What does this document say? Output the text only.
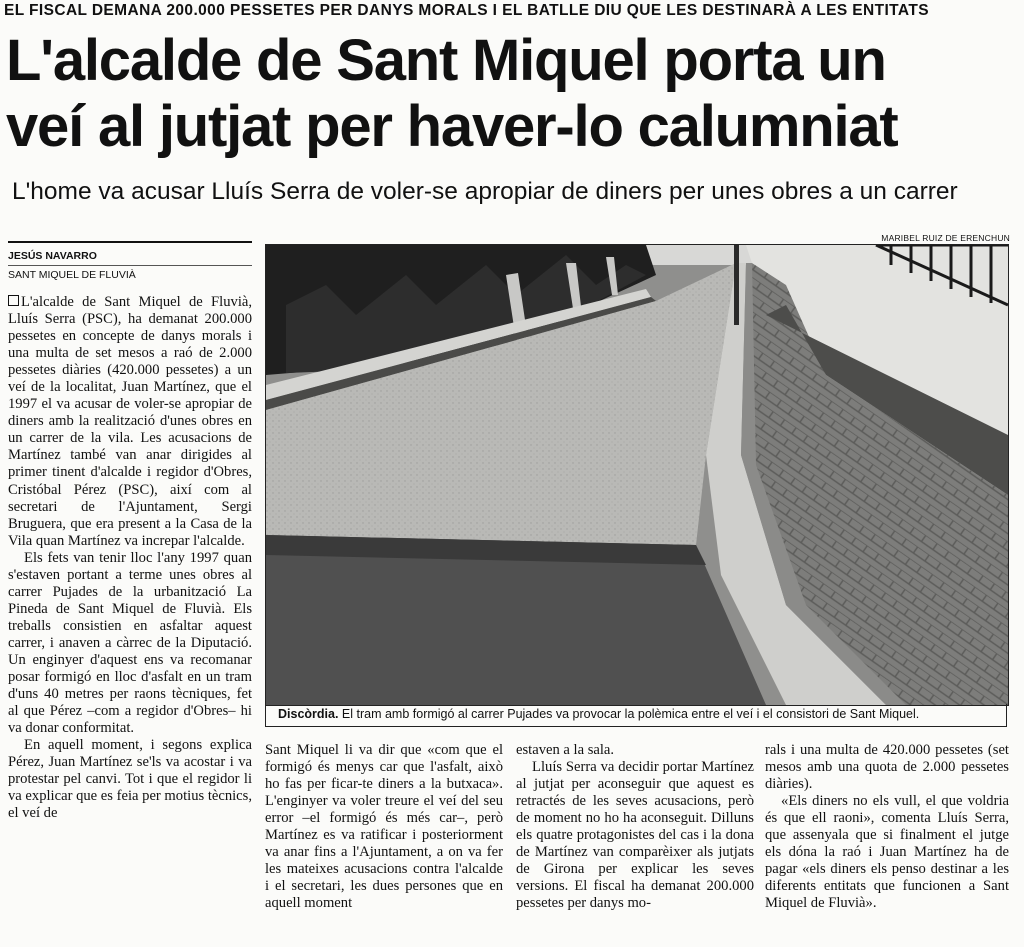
EL FISCAL DEMANA 200.000 PESSETES PER DANYS MORALS I EL BATLLE DIU QUE LES DESTINARÀ A LES ENTITATS
L'alcalde de Sant Miquel porta un
veí al jutjat per haver-lo calumniat
L'home va acusar Lluís Serra de voler-se apropiar de diners per unes obres a un carrer
JESÚS NAVARRO
SANT MIQUEL DE FLUVIÀ
MARIBEL RUIZ DE ERENCHUN
Discòrdia. El tram amb formigó al carrer Pujades va provocar la polèmica entre el veí i el consistori de Sant Miquel.

L'alcalde de Sant Miquel de Fluvià, Lluís Serra (PSC), ha demanat 200.000 pessetes en concepte de danys morals i una multa de set mesos a raó de 2.000 pessetes diàries (420.000 pessetes) a un veí de la localitat, Juan Martínez, que el 1997 el va acusar de voler-se apropiar de diners amb la realització d'unes obres en un carrer de la vila. Les acusacions de Martínez també van anar dirigides al primer tinent d'alcalde i regidor d'Obres, Cristóbal Pérez (PSC), així com al secretari de l'Ajuntament, Sergi Bruguera, que era present a la Casa de la Vila quan Martínez va increpar l'alcalde.

Els fets van tenir lloc l'any 1997 quan s'estaven portant a terme unes obres al carrer Pujades de la urbanització La Pineda de Sant Miquel de Fluvià. Els treballs consistien en asfaltar aquest carrer, i anaven a càrrec de la Diputació. Un enginyer d'aquest ens va recomanar posar formigó en lloc d'asfalt en un tram d'uns 40 metres per raons tècniques, fet al que Pérez –com a regidor d'Obres– hi va donar conformitat.

En aquell moment, i segons explica Pérez, Juan Martínez se'ls va acostar i va protestar pel canvi. Tot i que el regidor li va explicar que es feia per motius tècnics, el veí de

Sant Miquel li va dir que «com que el formigó és menys car que l'asfalt, això ho fas per ficar-te diners a la butxaca». L'enginyer va voler treure el veí del seu error –el formigó és més car–, però Martínez es va ratificar i posteriorment va anar fins a l'Ajuntament, a on va fer les mateixes acusacions contra l'alcalde i el secretari, les dues persones que en aquell moment

estaven a la sala.

Lluís Serra va decidir portar Martínez al jutjat per aconseguir que aquest es retractés de les seves acusacions, però de moment no ho ha aconseguit. Dilluns els quatre protagonistes del cas i la dona de Martínez van comparèixer als jutjats de Girona per explicar les seves versions. El fiscal ha demanat 200.000 pessetes per danys mo-

rals i una multa de 420.000 pessetes (set mesos amb una quota de 2.000 pessetes diàries).

«Els diners no els vull, el que voldria és que ell raoni», comenta Lluís Serra, que assenyala que si finalment el jutge els dóna la raó i Juan Martínez ha de pagar «els diners els penso destinar a les diferents entitats que funcionen a Sant Miquel de Fluvià».
